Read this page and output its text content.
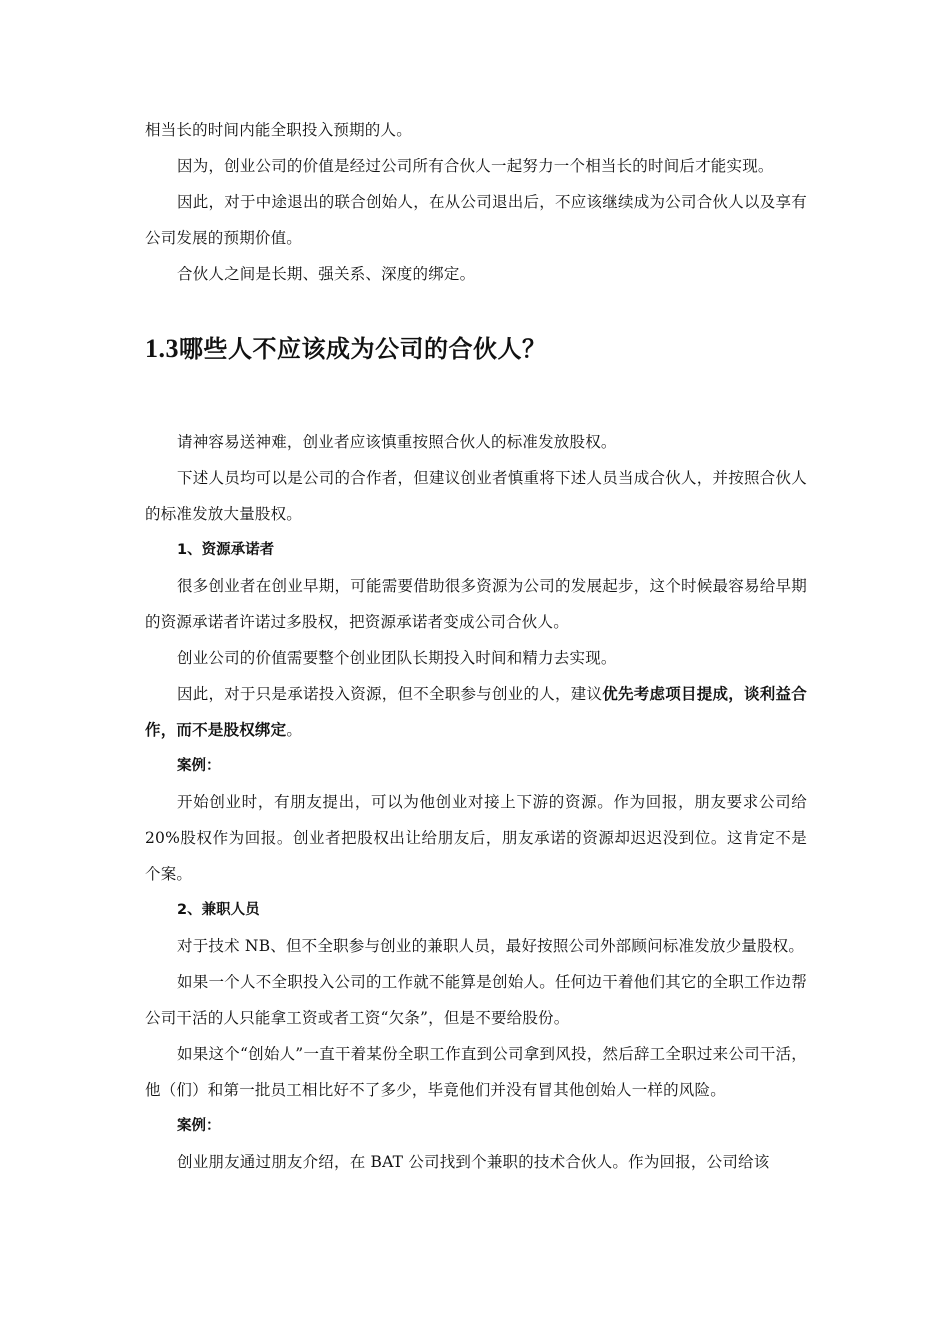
相当长的时间内能全职投入预期的人。

因为，创业公司的价值是经过公司所有合伙人一起努力一个相当长的时间后才能实现。

因此，对于中途退出的联合创始人，在从公司退出后，不应该继续成为公司合伙人以及享有公司发展的预期价值。

合伙人之间是长期、强关系、深度的绑定。

1.3哪些人不应该成为公司的合伙人？

请神容易送神难，创业者应该慎重按照合伙人的标准发放股权。

下述人员均可以是公司的合作者，但建议创业者慎重将下述人员当成合伙人，并按照合伙人的标准发放大量股权。

1、资源承诺者

很多创业者在创业早期，可能需要借助很多资源为公司的发展起步，这个时候最容易给早期的资源承诺者许诺过多股权，把资源承诺者变成公司合伙人。

创业公司的价值需要整个创业团队长期投入时间和精力去实现。

因此，对于只是承诺投入资源，但不全职参与创业的人，建议优先考虑项目提成，谈利益合作，而不是股权绑定。

案例：

开始创业时，有朋友提出，可以为他创业对接上下游的资源。作为回报，朋友要求公司给 20%股权作为回报。创业者把股权出让给朋友后，朋友承诺的资源却迟迟没到位。这肯定不是个案。

2、兼职人员

对于技术 NB、但不全职参与创业的兼职人员，最好按照公司外部顾问标准发放少量股权。

如果一个人不全职投入公司的工作就不能算是创始人。任何边干着他们其它的全职工作边帮公司干活的人只能拿工资或者工资“欠条”，但是不要给股份。

如果这个“创始人”一直干着某份全职工作直到公司拿到风投，然后辞工全职过来公司干活，他（们）和第一批员工相比好不了多少，毕竟他们并没有冒其他创始人一样的风险。

案例：

创业朋友通过朋友介绍，在 BAT 公司找到个兼职的技术合伙人。作为回报，公司给该
